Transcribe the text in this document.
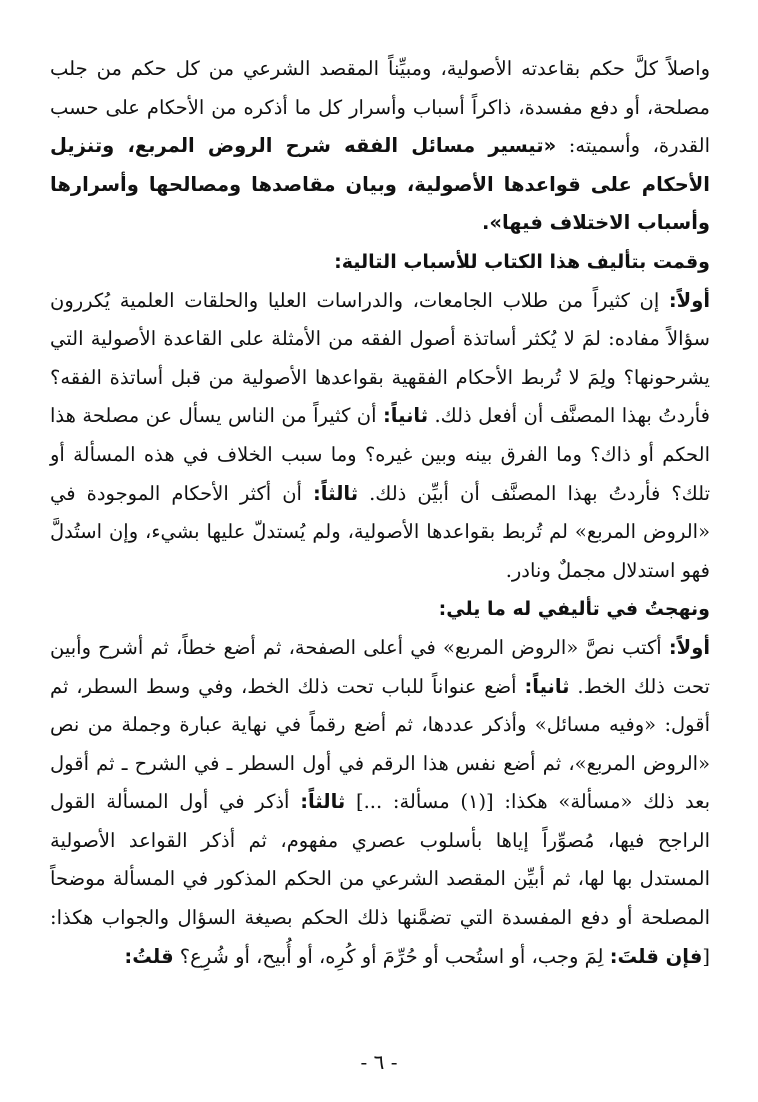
واصلاً كلَّ حكم بقاعدته الأصولية، ومبيِّناً المقصد الشرعي من كل حكم من جلب مصلحة، أو دفع مفسدة، ذاكراً أسباب وأسرار كل ما أذكره من الأحكام على حسب القدرة، وأسميته: «تيسير مسائل الفقه شرح الروض المربع، وتنزيل الأحكام على قواعدها الأصولية، وبيان مقاصدها ومصالحها وأسرارها وأسباب الاختلاف فيها».

وقمت بتأليف هذا الكتاب للأسباب التالية:

أولاً: إن كثيراً من طلاب الجامعات، والدراسات العليا والحلقات العلمية يُكررون سؤالاً مفاده: لمَ لا يُكثر أساتذة أصول الفقه من الأمثلة على القاعدة الأصولية التي يشرحونها؟ ولِمَ لا تُربط الأحكام الفقهية بقواعدها الأصولية من قبل أساتذة الفقه؟ فأردتُ بهذا المصنَّف أن أفعل ذلك. ثانياً: أن كثيراً من الناس يسأل عن مصلحة هذا الحكم أو ذاك؟ وما الفرق بينه وبين غيره؟ وما سبب الخلاف في هذه المسألة أو تلك؟ فأردتُ بهذا المصنَّف أن أبيِّن ذلك. ثالثاً: أن أكثر الأحكام الموجودة في «الروض المربع» لم تُربط بقواعدها الأصولية، ولم يُستدلّ عليها بشيء، وإن استُدلَّ فهو استدلال مجملٌ ونادر.

ونهجتُ في تأليفي له ما يلي:

أولاً: أكتب نصَّ «الروض المربع» في أعلى الصفحة، ثم أضع خطاً، ثم أشرح وأبين تحت ذلك الخط. ثانياً: أضع عنواناً للباب تحت ذلك الخط، وفي وسط السطر، ثم أقول: «وفيه مسائل» وأذكر عددها، ثم أضع رقماً في نهاية عبارة وجملة من نص «الروض المربع»، ثم أضع نفس هذا الرقم في أول السطر ـ في الشرح ـ ثم أقول بعد ذلك «مسألة» هكذا: [(١) مسألة: ...] ثالثاً: أذكر في أول المسألة القول الراجح فيها، مُصوِّراً إياها بأسلوب عصري مفهوم، ثم أذكر القواعد الأصولية المستدل بها لها، ثم أبيِّن المقصد الشرعي من الحكم المذكور في المسألة موضحاً المصلحة أو دفع المفسدة التي تضمَّنها ذلك الحكم بصيغة السؤال والجواب هكذا: [فإن قلتَ: لِمَ وجب، أو استُحب أو حُرِّمَ أو كُرِه، أو أُبيح، أو شُرِع؟ قلتُ:

- ٦ -
